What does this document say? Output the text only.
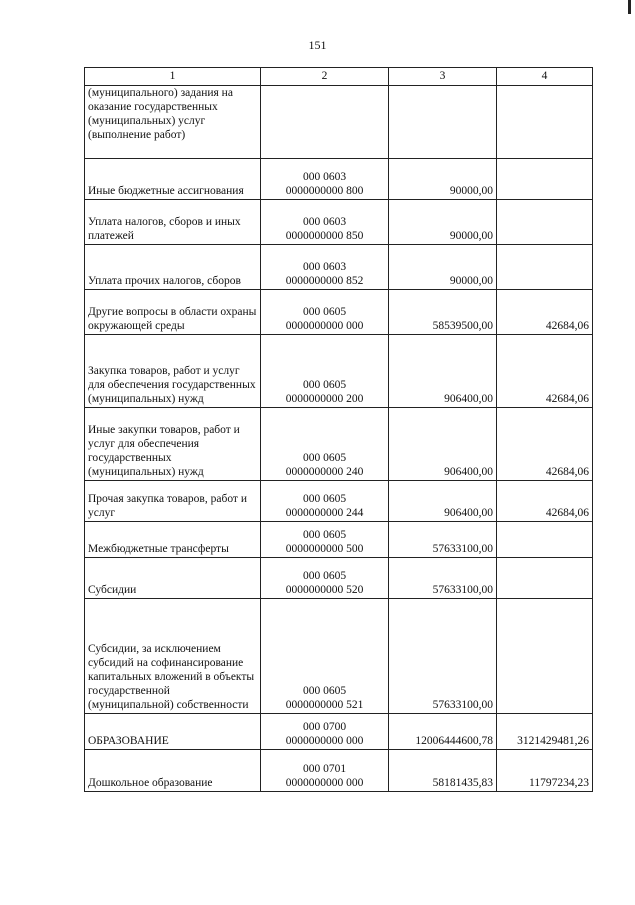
151
1	2	3	4
(муниципального) задания на оказание государственных (муниципальных) услуг (выполнение работ)	

Иные бюджетные ассигнования	000 0603
0000000000 800	90000,00	
Уплата налогов, сборов и иных платежей	000 0603
0000000000 850	90000,00	
Уплата прочих налогов, сборов	000 0603
0000000000 852	90000,00	
Другие вопросы в области охраны окружающей среды	000 0605
0000000000 000	58539500,00	42684,06
Закупка товаров, работ и услуг для обеспечения государственных (муниципальных) нужд	000 0605
0000000000 200	906400,00	42684,06
Иные закупки товаров, работ и услуг для обеспечения государственных (муниципальных) нужд	000 0605
0000000000 240	906400,00	42684,06
Прочая закупка товаров, работ и услуг	000 0605
0000000000 244	906400,00	42684,06
Межбюджетные трансферты	000 0605
0000000000 500	57633100,00	
Субсидии	000 0605
0000000000 520	57633100,00	
Субсидии, за исключением субсидий на софинансирование капитальных вложений в объекты государственной (муниципальной) собственности	000 0605
0000000000 521	57633100,00	
ОБРАЗОВАНИЕ	000 0700
0000000000 000	12006444600,78	3121429481,26
Дошкольное образование	000 0701
0000000000 000	58181435,83	11797234,23
